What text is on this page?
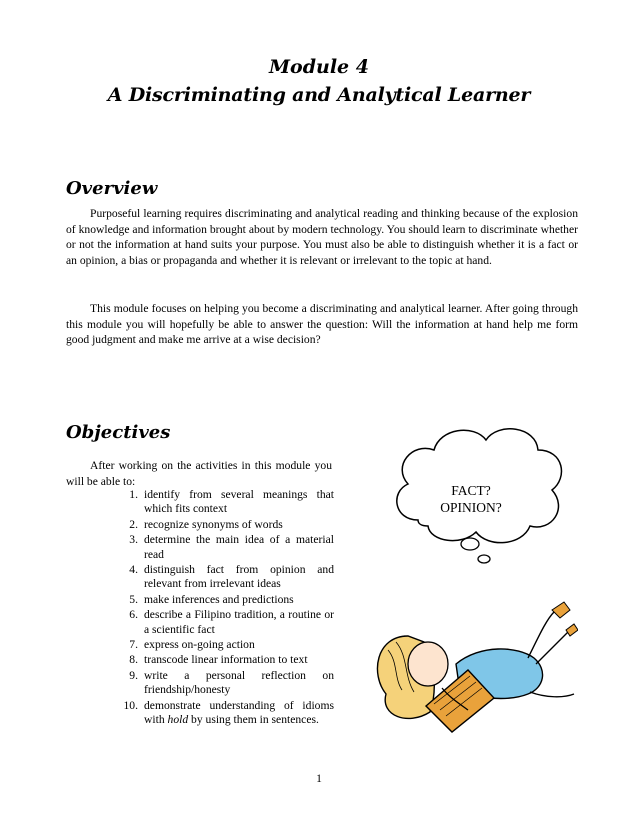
Module 4
A Discriminating and Analytical Learner
Overview

Purposeful learning requires discriminating and analytical reading and thinking because of the explosion of knowledge and information brought about by modern technology. You should learn to discriminate whether or not the information at hand suits your purpose. You must also be able to distinguish whether it is a fact or an opinion, a bias or propaganda and whether it is relevant or irrelevant to the topic at hand.

This module focuses on helping you become a discriminating and analytical learner. After going through this module you will hopefully be able to answer the question: Will the information at hand help me form good judgment and make me arrive at a wise decision?

Objectives

After working on the activities in this module you will be able to:

1. identify from several meanings that which fits context
2. recognize synonyms of words
3. determine the main idea of a material read
4. distinguish fact from opinion and relevant from irrelevant ideas
5. make inferences and predictions
6. describe a Filipino tradition, a routine or a scientific fact
7. express on-going action
8. transcode linear information to text
9. write a personal reflection on friendship/honesty
10. demonstrate understanding of idioms with hold by using them in sentences.
FACT?
OPINION?
1
